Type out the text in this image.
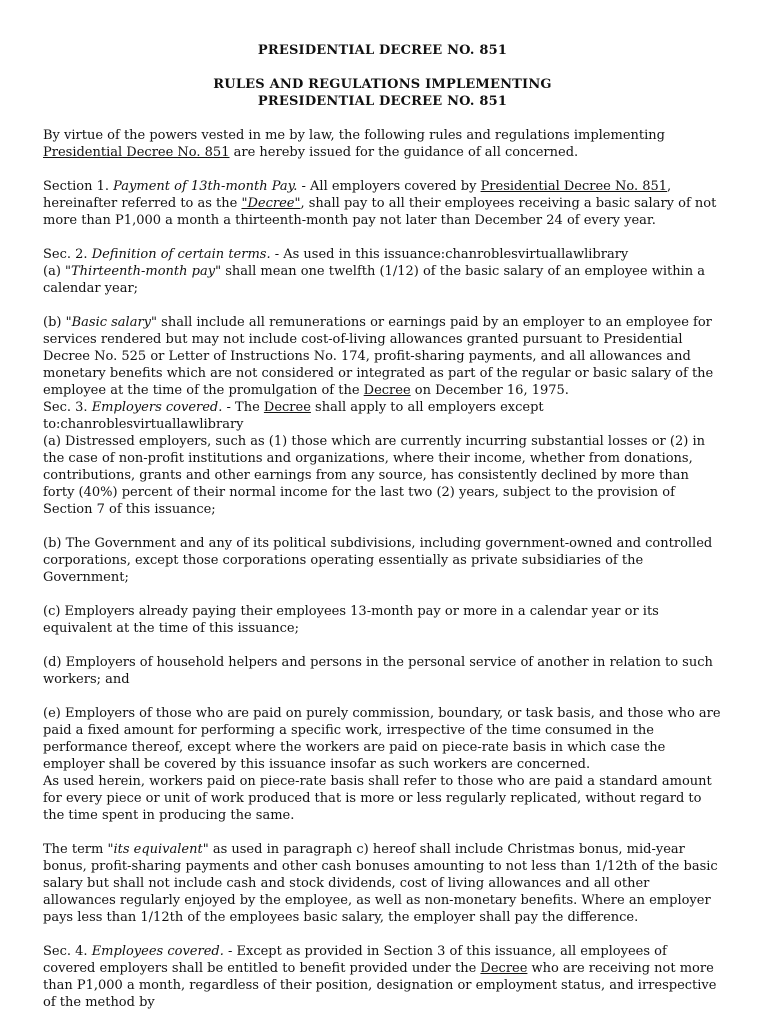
PRESIDENTIAL DECREE NO. 851
RULES AND REGULATIONS IMPLEMENTING
PRESIDENTIAL DECREE NO. 851

By virtue of the powers vested in me by law, the following rules and regulations implementing Presidential Decree No. 851 are hereby issued for the guidance of all concerned.

Section 1. Payment of 13th-month Pay. - All employers covered by Presidential Decree No. 851, hereinafter referred to as the "Decree", shall pay to all their employees receiving a basic salary of not more than P1,000 a month a thirteenth-month pay not later than December 24 of every year.

Sec. 2. Definition of certain terms. - As used in this issuance:chanroblesvirtuallawlibrary

(a) "Thirteenth-month pay" shall mean one twelfth (1/12) of the basic salary of an employee within a calendar year;

(b) "Basic salary" shall include all remunerations or earnings paid by an employer to an employee for services rendered but may not include cost-of-living allowances granted pursuant to Presidential Decree No. 525 or Letter of Instructions No. 174, profit-sharing payments, and all allowances and monetary benefits which are not considered or integrated as part of the regular or basic salary of the employee at the time of the promulgation of the Decree on December 16, 1975.

Sec. 3. Employers covered. - The Decree shall apply to all employers except to:chanroblesvirtuallawlibrary

(a) Distressed employers, such as (1) those which are currently incurring substantial losses or (2) in the case of non-profit institutions and organizations, where their income, whether from donations, contributions, grants and other earnings from any source, has consistently declined by more than forty (40%) percent of their normal income for the last two (2) years, subject to the provision of Section 7 of this issuance;

(b) The Government and any of its political subdivisions, including government-owned and controlled corporations, except those corporations operating essentially as private subsidiaries of the Government;

(c) Employers already paying their employees 13-month pay or more in a calendar year or its equivalent at the time of this issuance;

(d) Employers of household helpers and persons in the personal service of another in relation to such workers; and

(e) Employers of those who are paid on purely commission, boundary, or task basis, and those who are paid a fixed amount for performing a specific work, irrespective of the time consumed in the performance thereof, except where the workers are paid on piece-rate basis in which case the employer shall be covered by this issuance insofar as such workers are concerned.

As used herein, workers paid on piece-rate basis shall refer to those who are paid a standard amount for every piece or unit of work produced that is more or less regularly replicated, without regard to the time spent in producing the same.

The term "its equivalent" as used in paragraph c) hereof shall include Christmas bonus, mid-year bonus, profit-sharing payments and other cash bonuses amounting to not less than 1/12th of the basic salary but shall not include cash and stock dividends, cost of living allowances and all other allowances regularly enjoyed by the employee, as well as non-monetary benefits. Where an employer pays less than 1/12th of the employees basic salary, the employer shall pay the difference.

Sec. 4. Employees covered. - Except as provided in Section 3 of this issuance, all employees of covered employers shall be entitled to benefit provided under the Decree who are receiving not more than P1,000 a month, regardless of their position, designation or employment status, and irrespective of the method by
